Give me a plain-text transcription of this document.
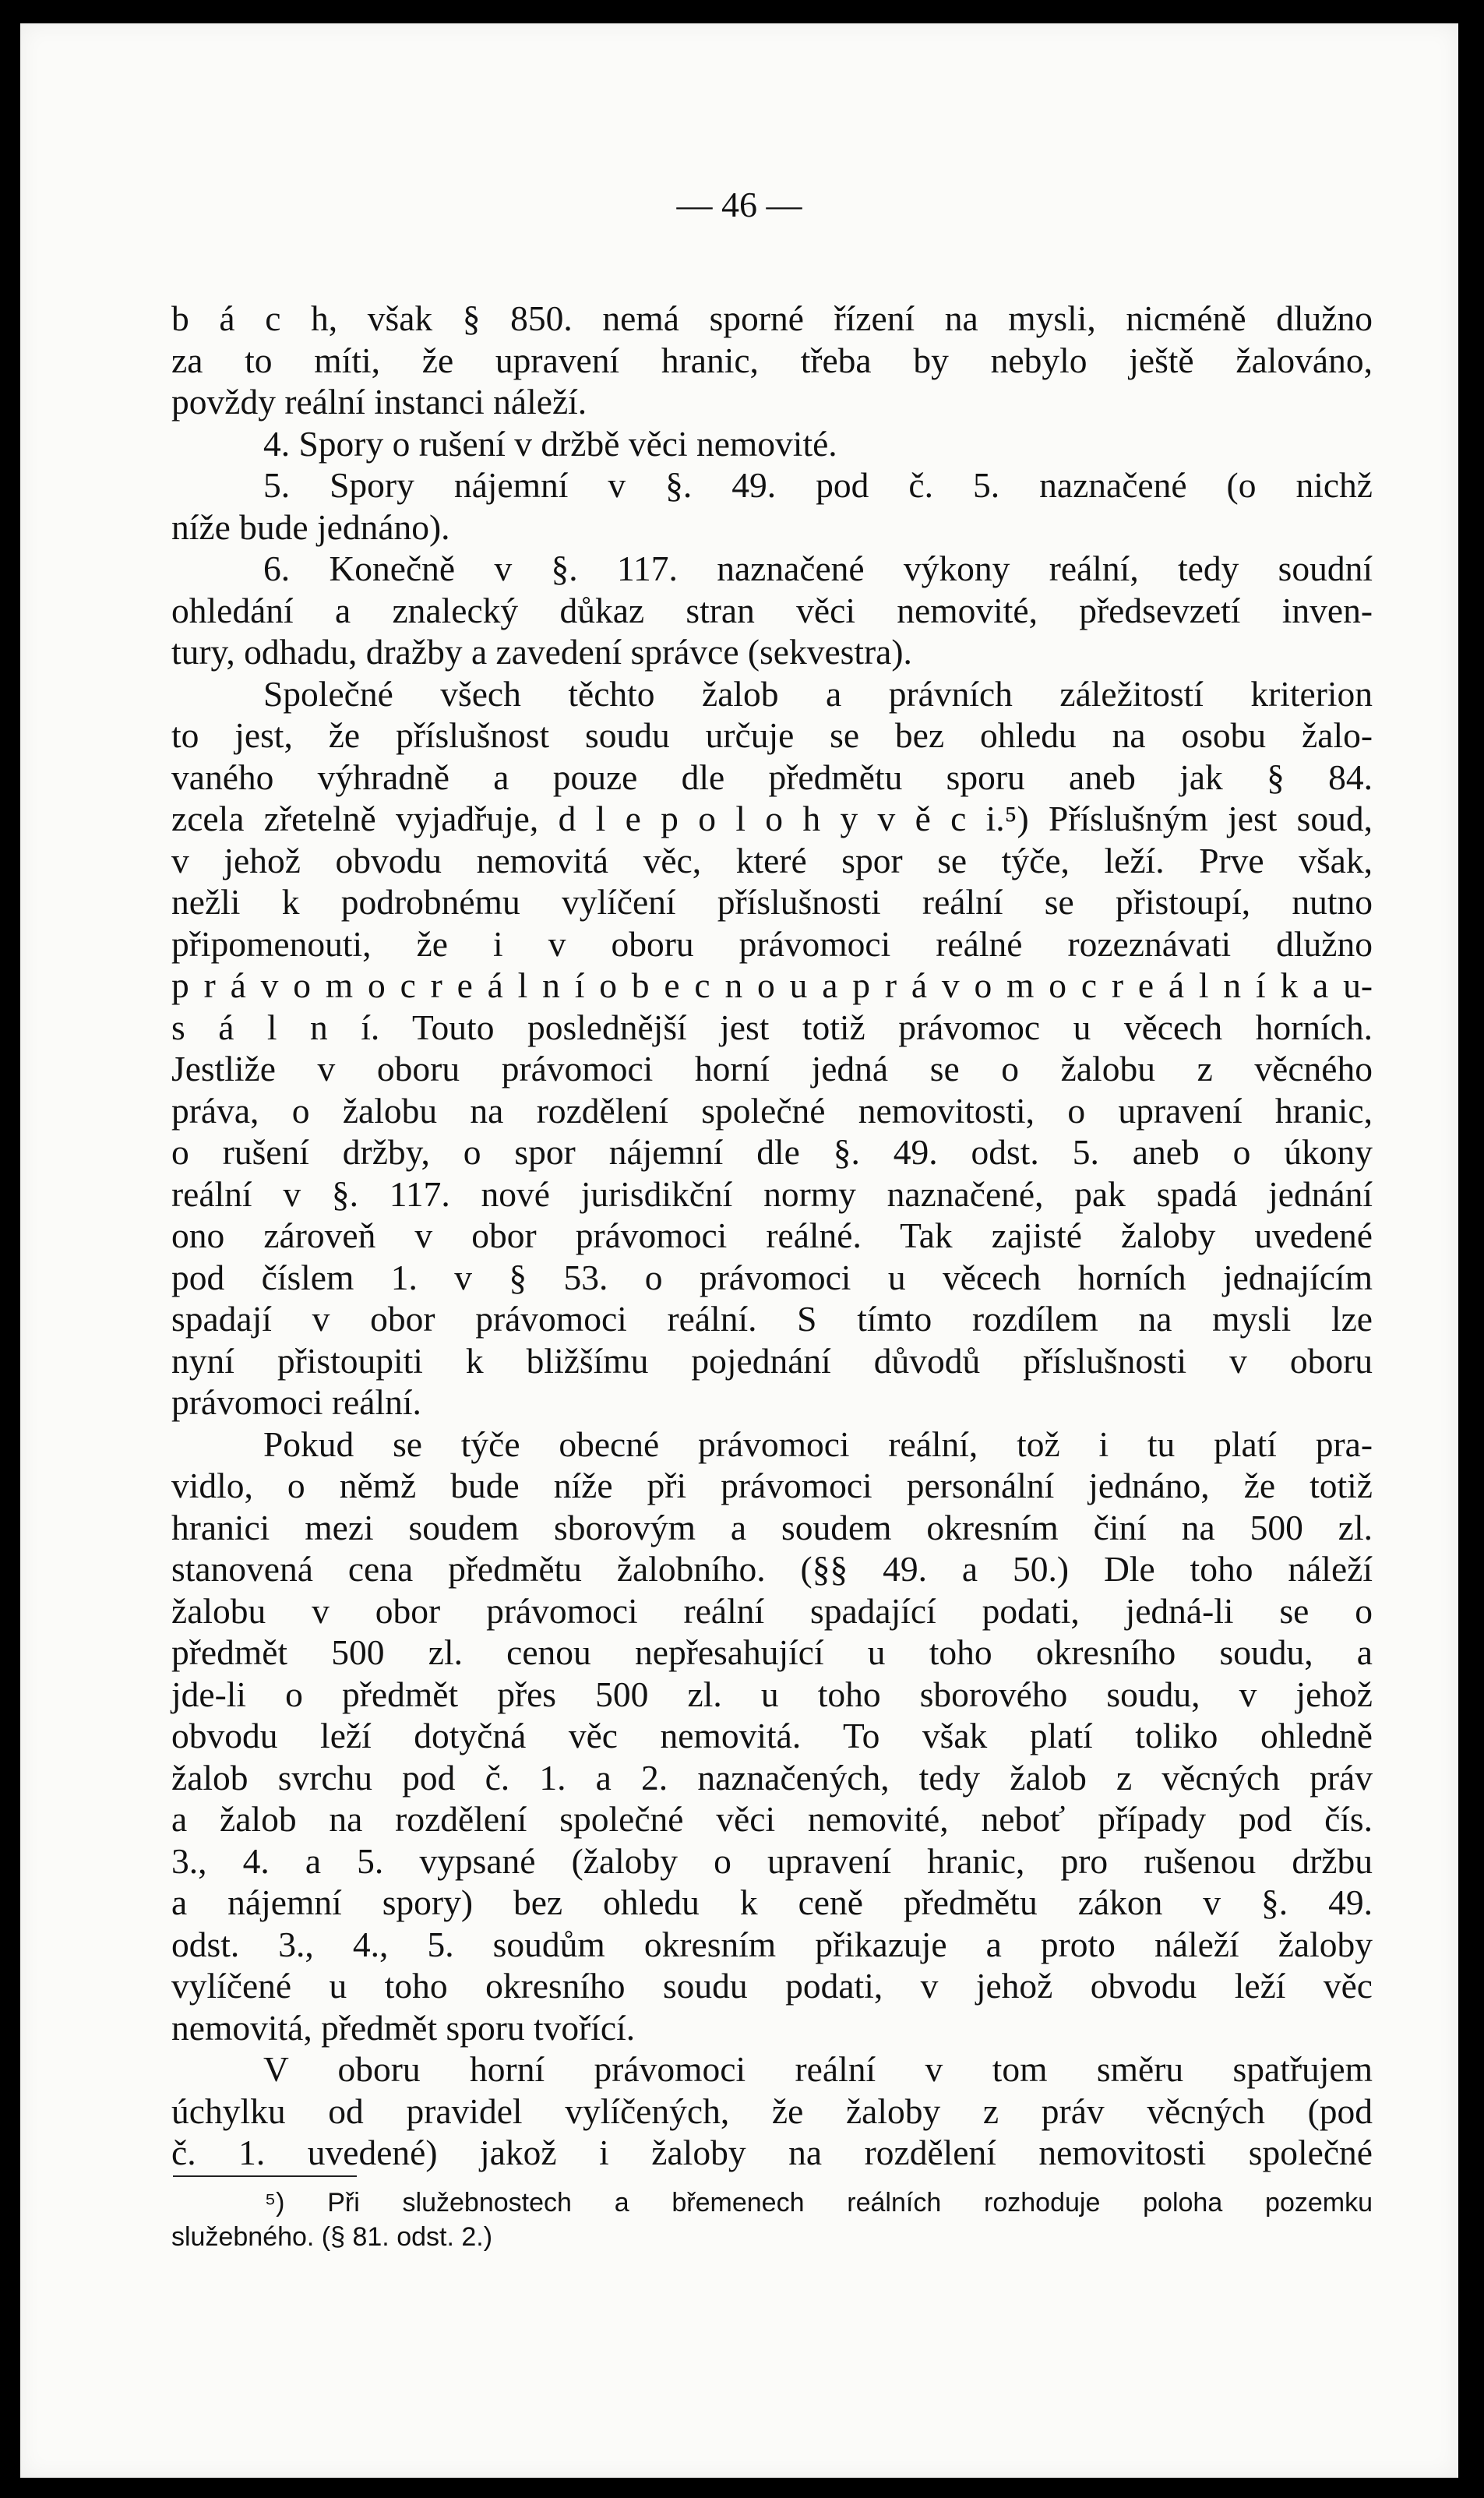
— 46 —
b á c h, však § 850. nemá sporné řízení na mysli, nicméně dlužno
za to míti, že upravení hranic, třeba by nebylo ještě žalováno,
povždy reální instanci náleží.
4. Spory o rušení v držbě věci nemovité.
5. Spory nájemní v §. 49. pod č. 5. naznačené (o nichž
níže bude jednáno).
6. Konečně v §. 117. naznačené výkony reální, tedy soudní
ohledání a znalecký důkaz stran věci nemovité, předsevzetí inven-
tury, odhadu, dražby a zavedení správce (sekvestra).
Společné všech těchto žalob a právních záležitostí kriterion
to jest, že příslušnost soudu určuje se bez ohledu na osobu žalo-
vaného výhradně a pouze dle předmětu sporu aneb jak § 84.
zcela zřetelně vyjadřuje, d l e p o l o h y v ě c i.⁵) Příslušným jest soud,
v jehož obvodu nemovitá věc, které spor se týče, leží. Prve však,
nežli k podrobnému vylíčení příslušnosti reální se přistoupí, nutno
připomenouti, že i v oboru právomoci reálné rozeznávati dlužno
p r á v o m o c r e á l n í o b e c n o u a p r á v o m o c r e á l n í k a u-
s á l n í. Touto poslednější jest totiž právomoc u věcech horních.
Jestliže v oboru právomoci horní jedná se o žalobu z věcného
práva, o žalobu na rozdělení společné nemovitosti, o upravení hranic,
o rušení držby, o spor nájemní dle §. 49. odst. 5. aneb o úkony
reální v §. 117. nové jurisdikční normy naznačené, pak spadá jednání
ono zároveň v obor právomoci reálné. Tak zajisté žaloby uvedené
pod číslem 1. v § 53. o právomoci u věcech horních jednajícím
spadají v obor právomoci reální. S tímto rozdílem na mysli lze
nyní přistoupiti k bližšímu pojednání důvodů příslušnosti v oboru
právomoci reální.
Pokud se týče obecné právomoci reální, tož i tu platí pra-
vidlo, o němž bude níže při právomoci personální jednáno, že totiž
hranici mezi soudem sborovým a soudem okresním činí na 500 zl.
stanovená cena předmětu žalobního. (§§ 49. a 50.) Dle toho náleží
žalobu v obor právomoci reální spadající podati, jedná-li se o
předmět 500 zl. cenou nepřesahující u toho okresního soudu, a
jde-li o předmět přes 500 zl. u toho sborového soudu, v jehož
obvodu leží dotyčná věc nemovitá. To však platí toliko ohledně
žalob svrchu pod č. 1. a 2. naznačených, tedy žalob z věcných práv
a žalob na rozdělení společné věci nemovité, neboť případy pod čís.
3., 4. a 5. vypsané (žaloby o upravení hranic, pro rušenou držbu
a nájemní spory) bez ohledu k ceně předmětu zákon v §. 49.
odst. 3., 4., 5. soudům okresním přikazuje a proto náleží žaloby
vylíčené u toho okresního soudu podati, v jehož obvodu leží věc
nemovitá, předmět sporu tvořící.
V oboru horní právomoci reální v tom směru spatřujem
úchylku od pravidel vylíčených, že žaloby z práv věcných (pod
č. 1. uvedené) jakož i žaloby na rozdělení nemovitosti společné
⁵) Při služebnostech a břemenech reálních rozhoduje poloha pozemku
služebného. (§ 81. odst. 2.)
